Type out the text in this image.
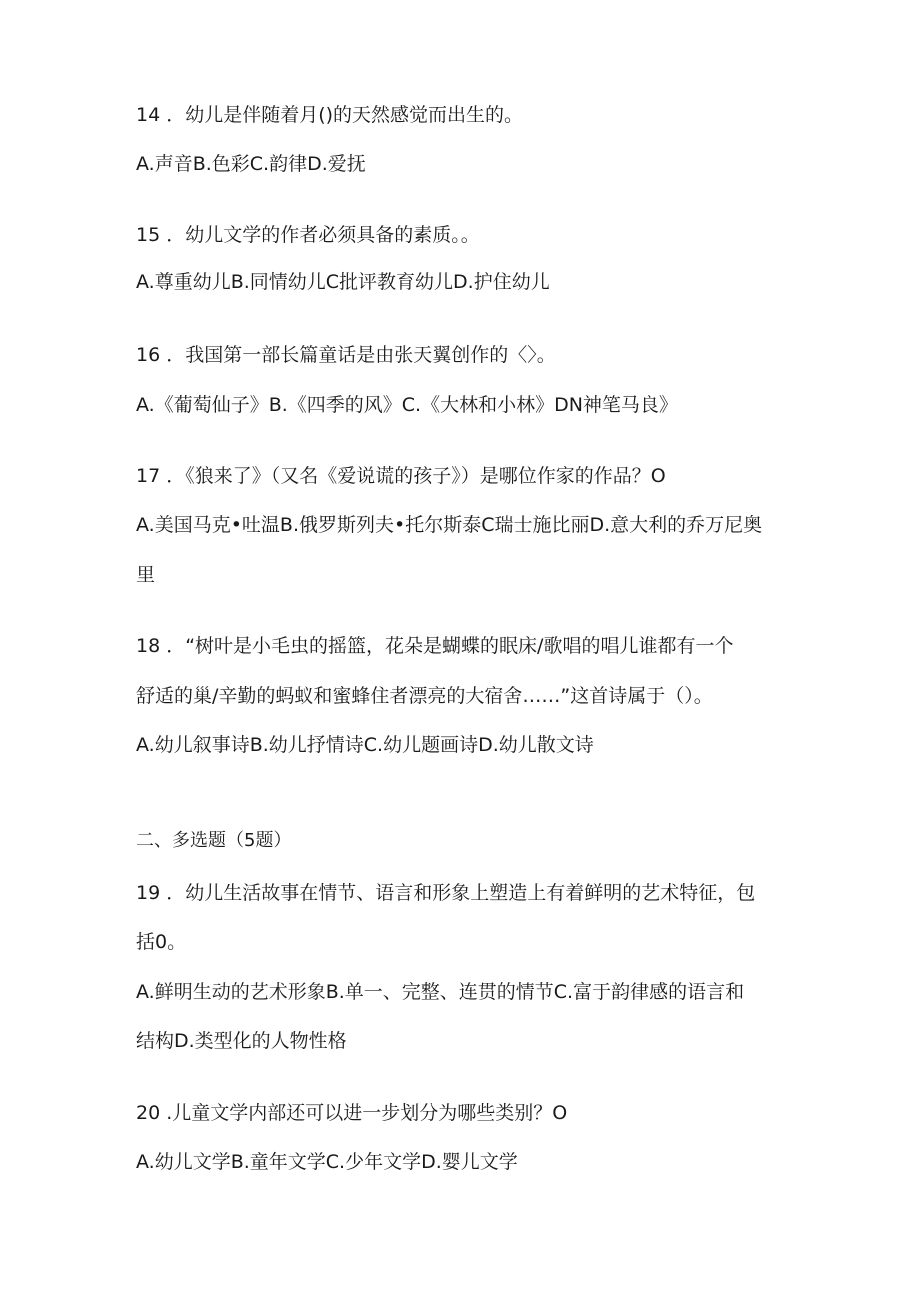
14 ．幼儿是伴随着月()的天然感觉而出生的。
A.声音B.色彩C.韵律D.爱抚
15 ．幼儿文学的作者必须具备的素质。。
A.尊重幼儿B.同情幼儿C批评教育幼儿D.护住幼儿
16 ．我国第一部长篇童话是由张天翼创作的〈〉。
A.《葡萄仙子》B.《四季的风》C.《大林和小林》DN神笔马良》
17 ．《狼来了》（又名《爱说谎的孩子》）是哪位作家的作品？O
A.美国马克•吐温B.俄罗斯列夫•托尔斯泰C瑞士施比丽D.意大利的乔万尼奥
里
18 ．“树叶是小毛虫的摇篮，花朵是蝴蝶的眠床/歌唱的唱儿谁都有一个
舒适的巢/辛勤的蚂蚁和蜜蜂住者漂亮的大宿舍……”这首诗属于（）。
A.幼儿叙事诗B.幼儿抒情诗C.幼儿题画诗D.幼儿散文诗
二、多选题（5题）
19 ．幼儿生活故事在情节、语言和形象上塑造上有着鲜明的艺术特征，包
括0。
A.鲜明生动的艺术形象B.单一、完整、连贯的情节C.富于韵律感的语言和
结构D.类型化的人物性格
20 .儿童文学内部还可以进一步划分为哪些类别？O
A.幼儿文学B.童年文学C.少年文学D.婴儿文学
